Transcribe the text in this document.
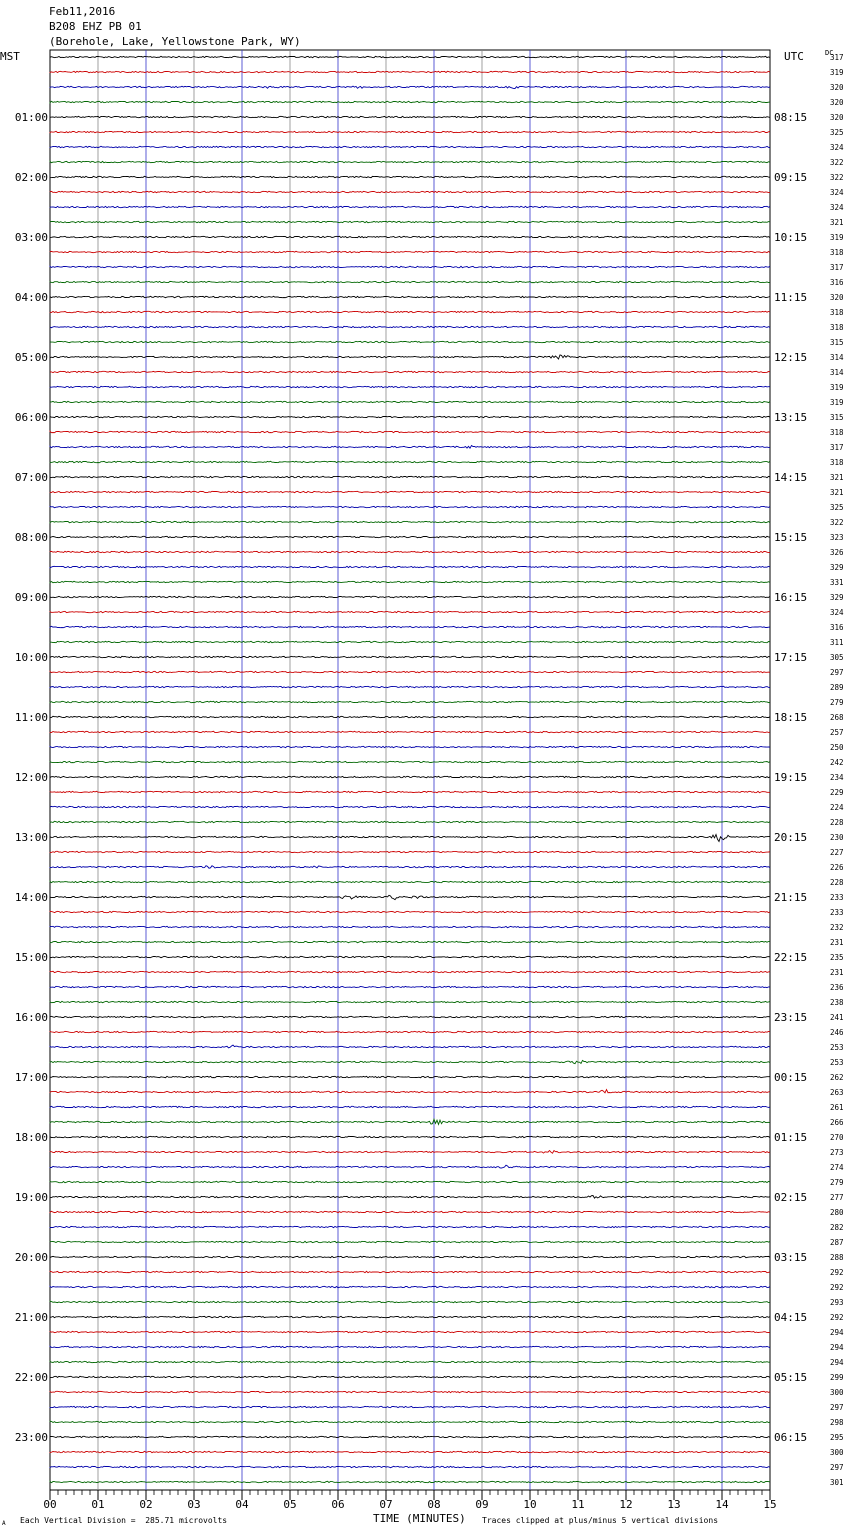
Feb11,2016
B208 EHZ PB 01
(Borehole, Lake, Yellowstone Park, WY)
MST	UTC	DC
01:00
02:00
03:00
04:00
05:00
06:00
07:00
08:00
09:00
10:00
11:00
12:00
13:00
14:00
15:00
16:00
17:00
18:00
19:00
20:00
21:00
22:00
23:00
08:15
09:15
10:15
11:15
12:15
13:15
14:15
15:15
16:15
17:15
18:15
19:15
20:15
21:15
22:15
23:15
00:15
01:15
02:15
03:15
04:15
05:15
06:15
317
319
320
320
320
325
324
322
322
324
324
321
319
318
317
316
320
318
318
315
314
314
319
319
315
318
317
318
321
321
325
322
323
326
329
331
329
324
316
311
305
297
289
279
268
257
250
242
234
229
224
228
230
227
226
228
233
233
232
231
235
231
236
238
241
246
253
253
262
263
261
266
270
273
274
279
277
280
282
287
288
292
292
293
292
294
294
294
299
300
297
298
295
300
297
301
00	01	02	03	04	05	06	07	08	09	10	11	12	13	14	15
TIME (MINUTES)
Each Vertical Division =  285.71 microvolts	Traces clipped at plus/minus 5 vertical divisions
A
